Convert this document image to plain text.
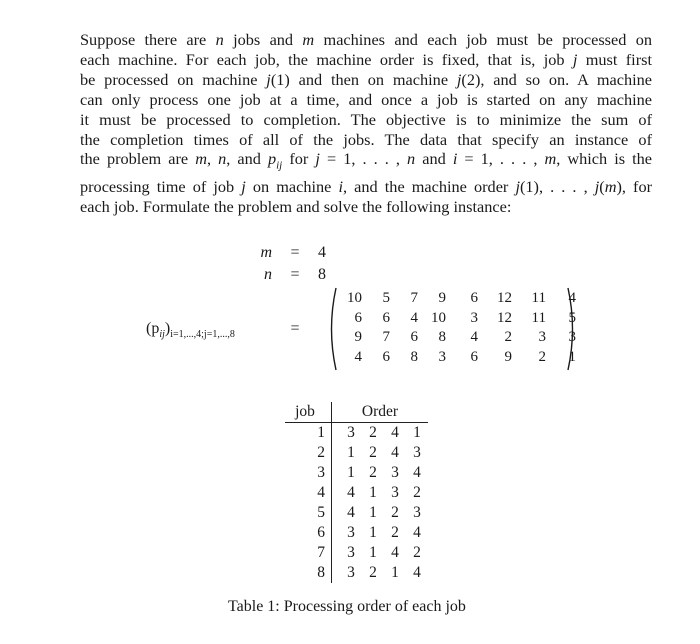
Suppose there are n jobs and m machines and each job must be processed on
each machine. For each job, the machine order is fixed, that is, job j must first
be processed on machine j(1) and then on machine j(2), and so on. A machine
can only process one job at a time, and once a job is started on any machine
it must be processed to completion. The objective is to minimize the sum of
the completion times of all of the jobs. The data that specify an instance of
the problem are m, n, and $p_{ij}$ for j = 1, . . . , n and i = 1, . . . , m, which is the
processing time of job j on machine i, and the machine order j(1), . . . , j(m), for
each job. Formulate the problem and solve the following instance:
m = 4
n = 8
$(p_{ij})_{i=1,...,4;j=1,...,8}$	=
10	5	7	9	6	12	11	4
6	6	4	10	3	12	11	5
9	7	6	8	4	2	3	3
4	6	8	3	6	9	2	1
job	Order			
1	3	2	4	1
2	1	2	4	3
3	1	2	3	4
4	4	1	3	2
5	4	1	2	3
6	3	1	2	4
7	3	1	4	2
8	3	2	1	4
Table 1: Processing order of each job
